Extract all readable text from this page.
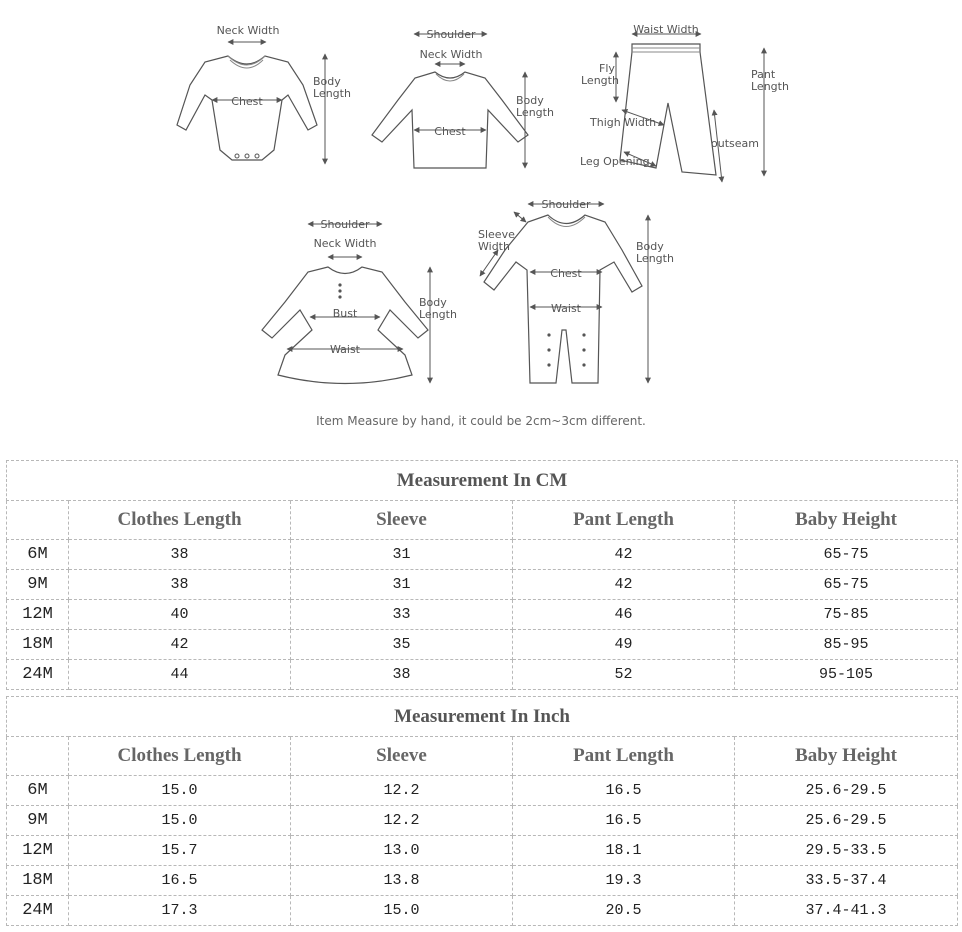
Neck Width
Chest
Body
Length
Shoulder
Neck Width
Chest
Body
Length
Waist Width
Fly
Length	Pant
Length
Thigh Width
outseam
Leg Opening
Shoulder
Neck Width
Bust
Waist
Body
Length
Shoulder
Sleeve
Width
Chest
Waist
Body
Length
Item Measure by hand, it could be 2cm~3cm different.
Measurement In CM				
	Clothes Length	Sleeve	Pant Length	Baby Height
6M	38	31	42	65-75
9M	38	31	42	65-75
12M	40	33	46	75-85
18M	42	35	49	85-95
24M	44	38	52	95-105
Measurement In Inch				
	Clothes Length	Sleeve	Pant Length	Baby Height
6M	15.0	12.2	16.5	25.6-29.5
9M	15.0	12.2	16.5	25.6-29.5
12M	15.7	13.0	18.1	29.5-33.5
18M	16.5	13.8	19.3	33.5-37.4
24M	17.3	15.0	20.5	37.4-41.3
